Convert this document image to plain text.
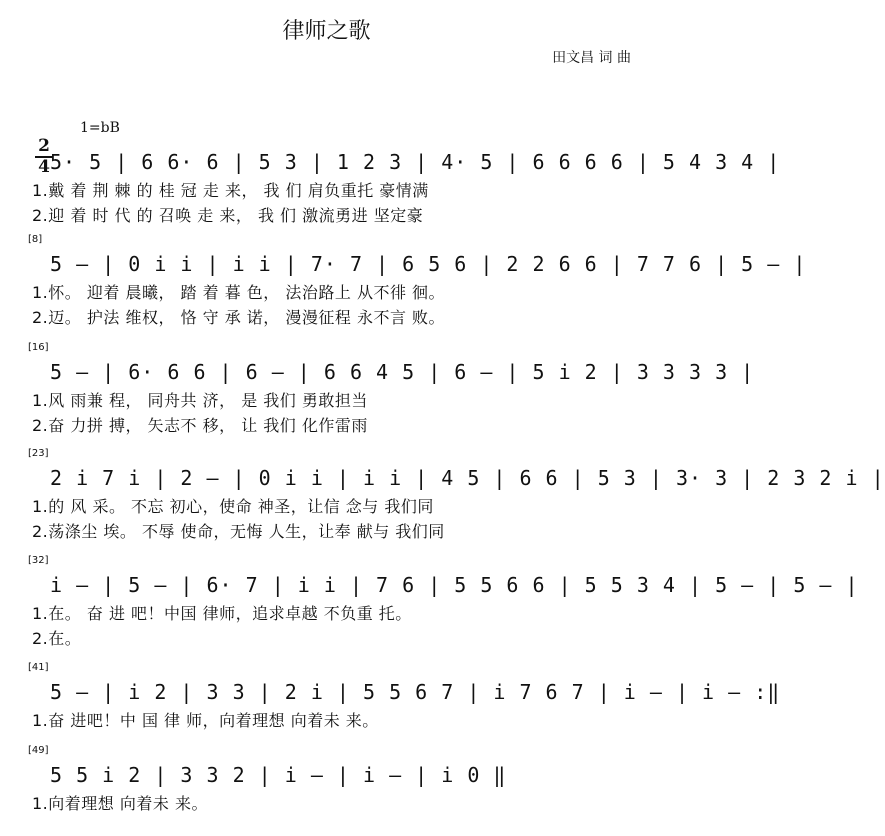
律师之歌
田文昌 词 曲
1=bB
2
4 5· 5 | 6 6· 6 | 5 3 | 1 2 3 | 4· 5 | 6 6 6 6 | 5 4 3 4 |
1.戴 着 荆 棘 的 桂 冠 走 来， 我 们 肩负重托 豪情满
2.迎 着 时 代 的 召唤 走 来， 我 们 激流勇进 坚定豪
[8]
5 – | 0 i i | i i | 7· 7 | 6 5 6 | 2 2 6 6 | 7 7 6 | 5 – |
1.怀。 迎着 晨曦， 踏 着 暮 色， 法治路上 从不徘 徊。
2.迈。 护法 维权， 恪 守 承 诺， 漫漫征程 永不言 败。
[16]
5 – | 6· 6 6 | 6 – | 6 6 4 5 | 6 – | 5 i 2 | 3 3 3 3 |
1.风 雨兼 程， 同舟共 济， 是 我们 勇敢担当
2.奋 力拼 搏， 矢志不 移， 让 我们 化作雷雨
[23]
2 i 7 i | 2 – | 0 i i | i i | 4 5 | 6 6 | 5 3 | 3· 3 | 2 3 2 i |
1.的 风 采。 不忘 初心，使命 神圣，让信 念与 我们同
2.荡涤尘 埃。 不辱 使命，无悔 人生，让奉 献与 我们同
[32]
i – | 5 – | 6· 7 | i i | 7 6 | 5 5 6 6 | 5 5 3 4 | 5 – | 5 – |
1.在。 奋 进 吧！中国 律师，追求卓越 不负重 托。
2.在。
[41]
5 – | i 2 | 3 3 | 2 i | 5 5 6 7 | i 7 6 7 | i – | i – :‖
1.奋 进吧！中 国 律 师，向着理想 向着未 来。
[49]
5 5 i 2 | 3 3 2 | i – | i – | i 0 ‖
1.向着理想 向着未 来。
